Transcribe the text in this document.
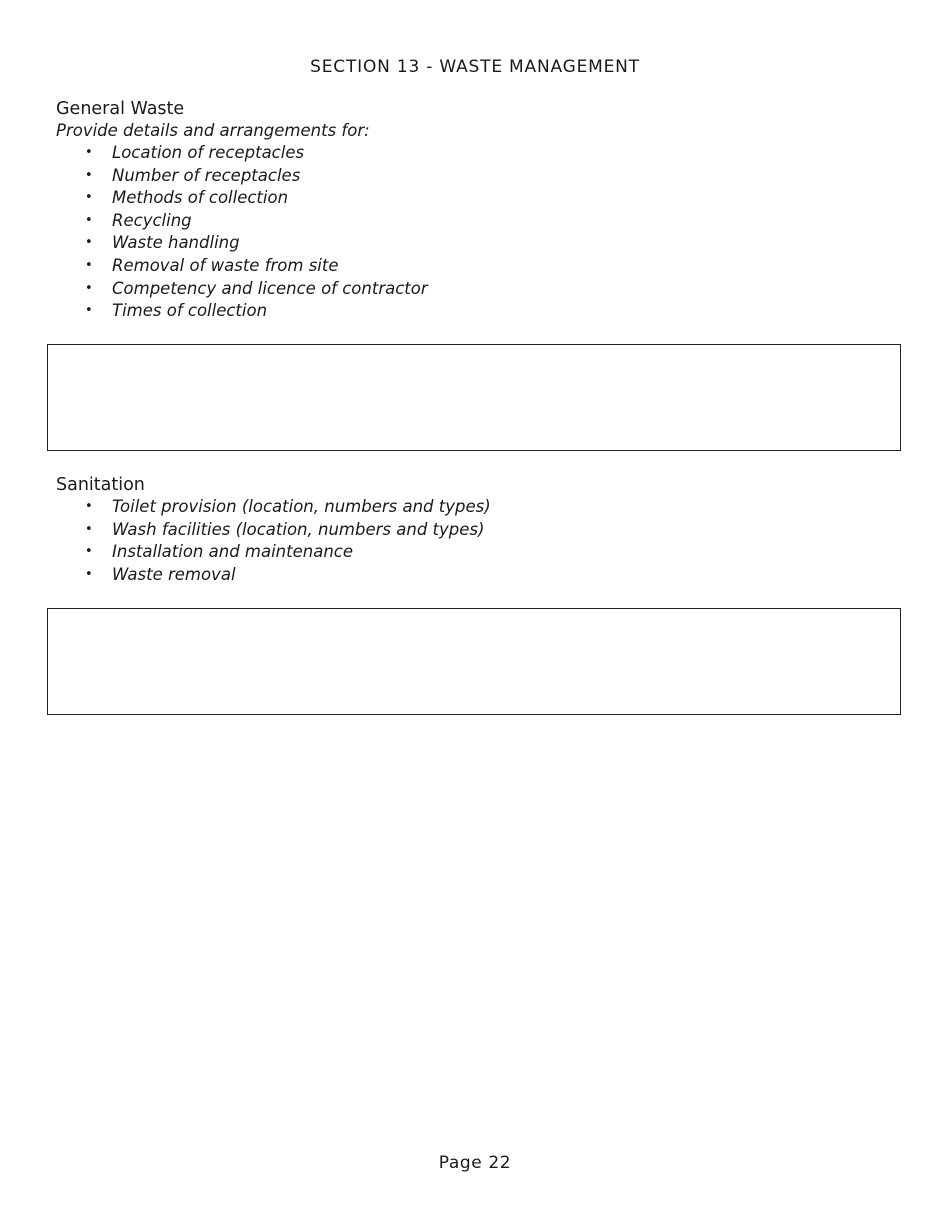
SECTION 13 - WASTE MANAGEMENT
General Waste
Provide details and arrangements for:
• Location of receptacles
• Number of receptacles
• Methods of collection
• Recycling
• Waste handling
• Removal of waste from site
• Competency and licence of contractor
• Times of collection
Sanitation
• Toilet provision (location, numbers and types)
• Wash facilities (location, numbers and types)
• Installation and maintenance
• Waste removal
Page 22
